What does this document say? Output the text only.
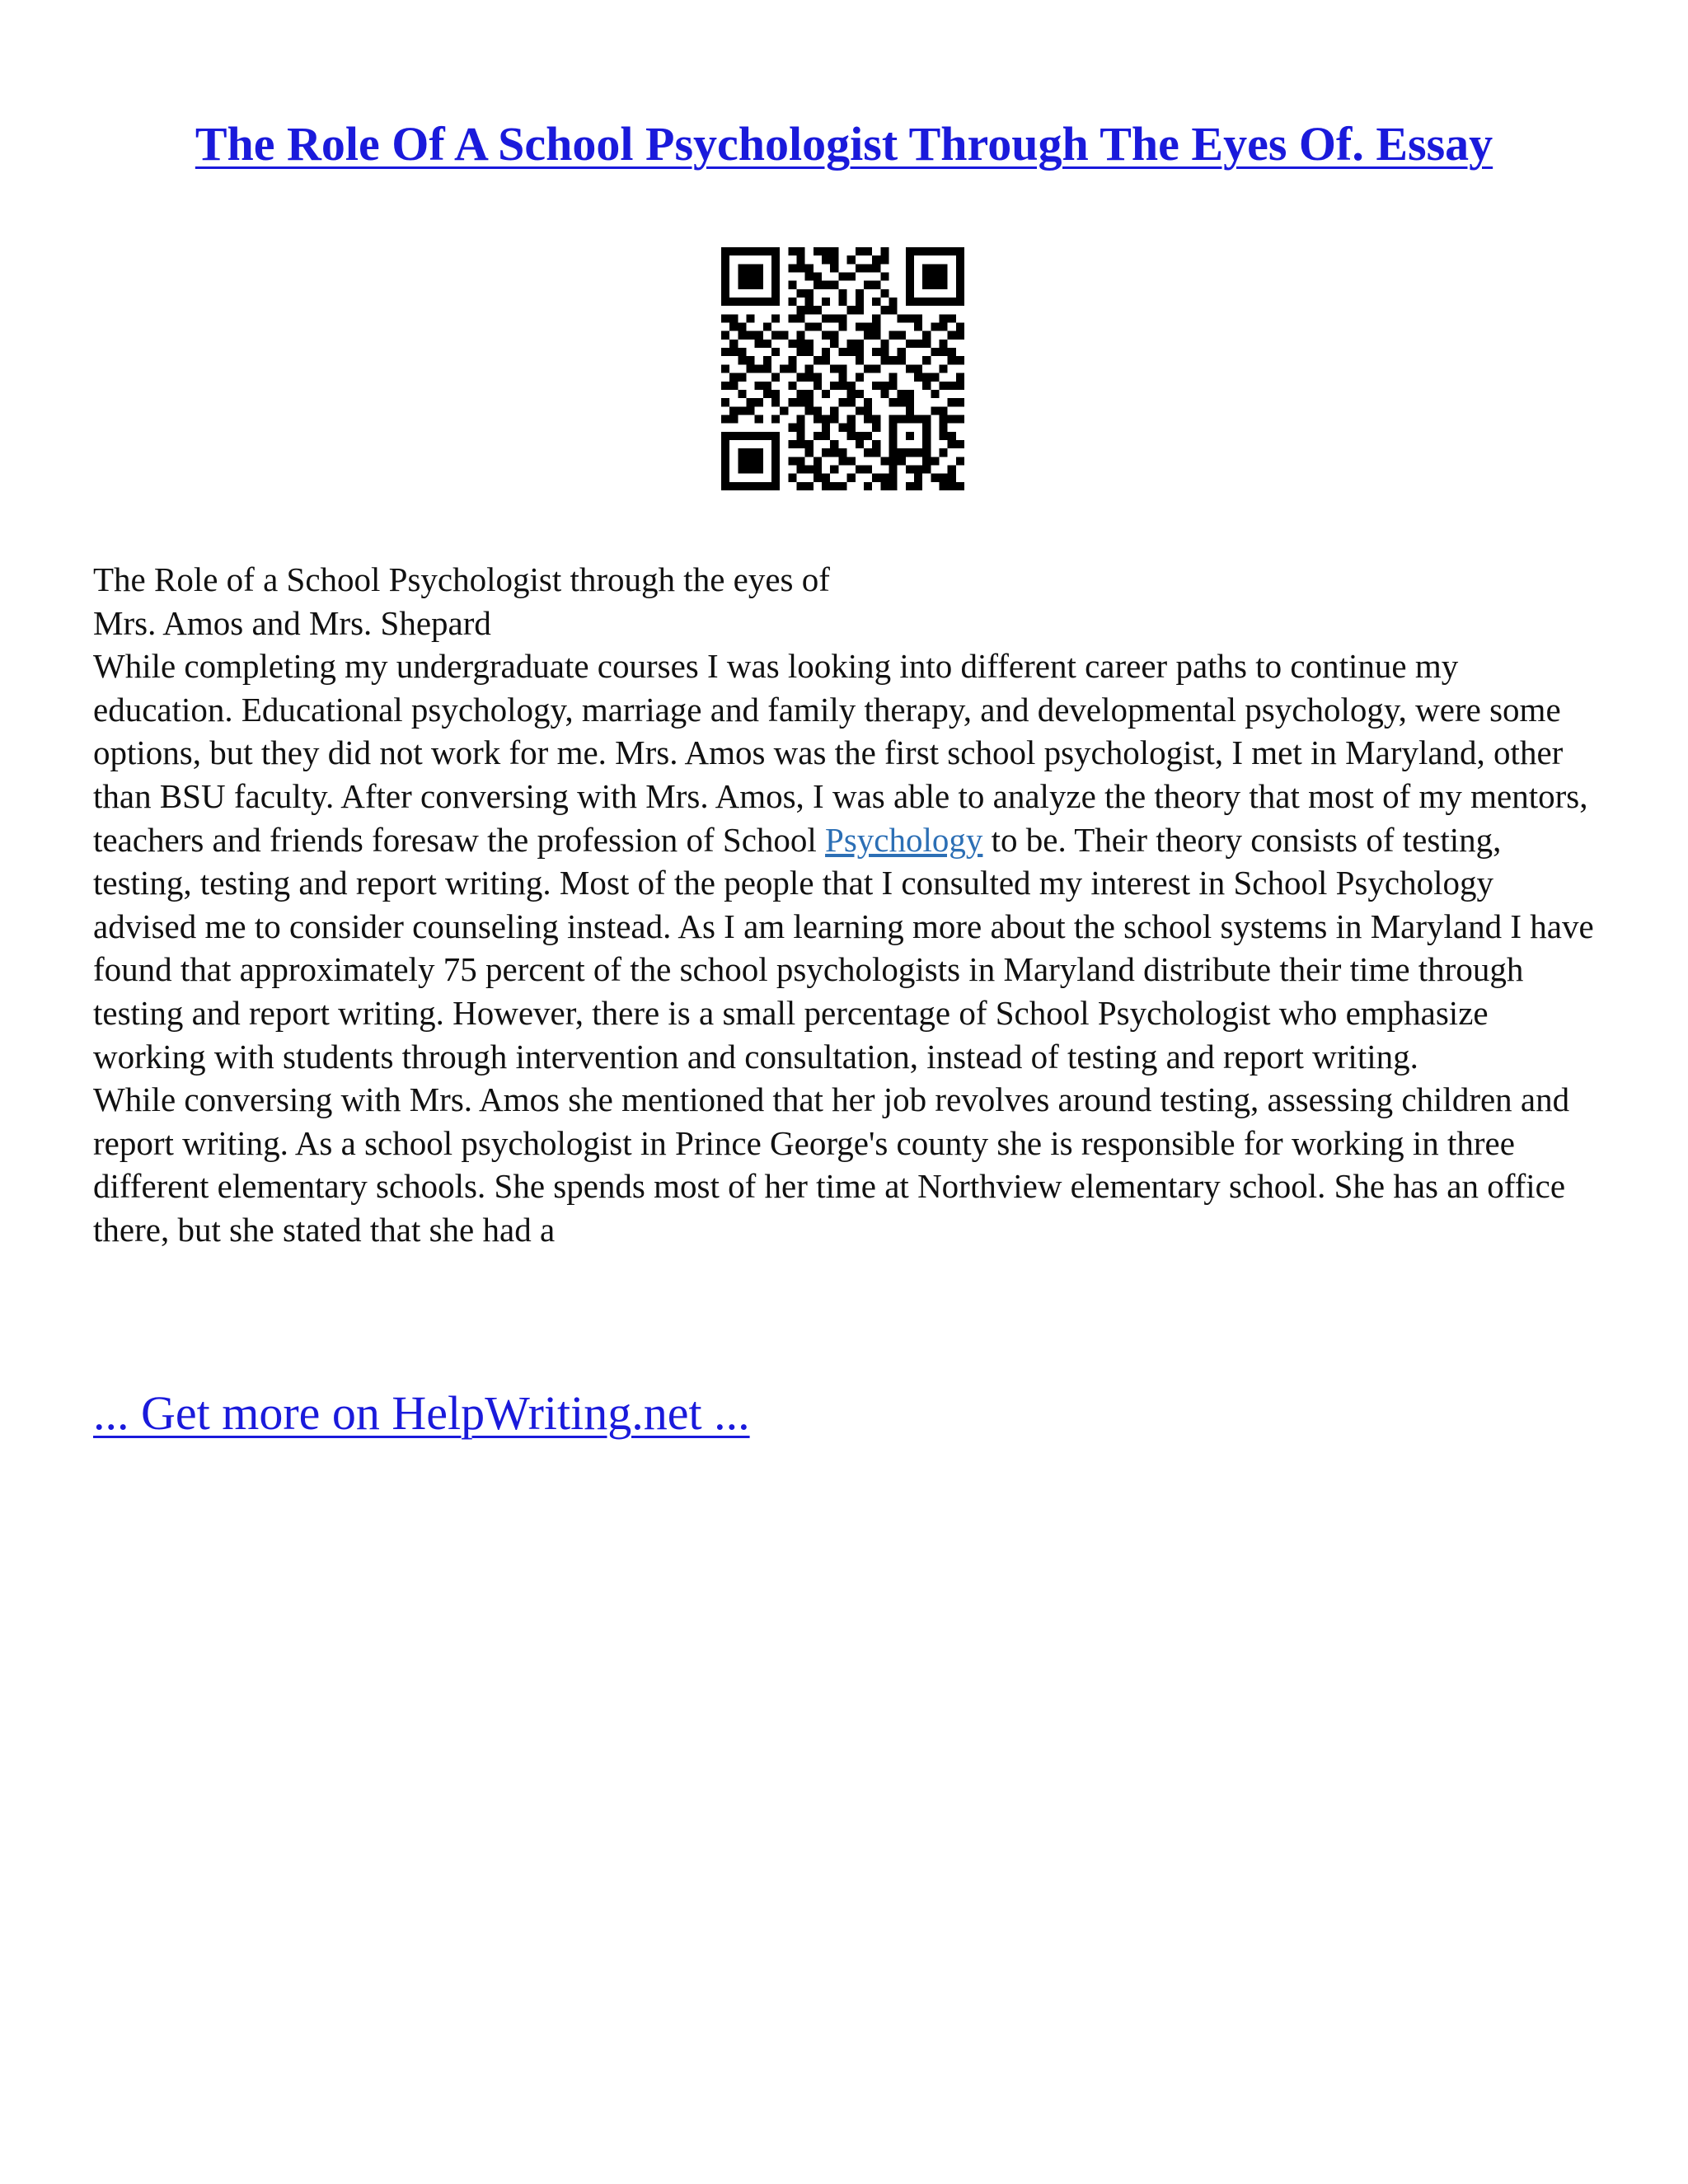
The Role Of A School Psychologist Through The Eyes Of. Essay

The Role of a School Psychologist through the eyes of

Mrs. Amos and Mrs. Shepard

While completing my undergraduate courses I was looking into different career paths to continue my education. Educational psychology, marriage and family therapy, and developmental psychology, were some options, but they did not work for me. Mrs. Amos was the first school psychologist, I met in Maryland, other than BSU faculty. After conversing with Mrs. Amos, I was able to analyze the theory that most of my mentors, teachers and friends foresaw the profession of School Psychology to be. Their theory consists of testing, testing, testing and report writing. Most of the people that I consulted my interest in School Psychology advised me to consider counseling instead. As I am learning more about the school systems in Maryland I have found that approximately 75 percent of the school psychologists in Maryland distribute their time through testing and report writing. However, there is a small percentage of School Psychologist who emphasize working with students through intervention and consultation, instead of testing and report writing.

While conversing with Mrs. Amos she mentioned that her job revolves around testing, assessing children and report writing. As a school psychologist in Prince George's county she is responsible for working in three different elementary schools. She spends most of her time at Northview elementary school. She has an office there, but she stated that she had a

... Get more on HelpWriting.net ...
